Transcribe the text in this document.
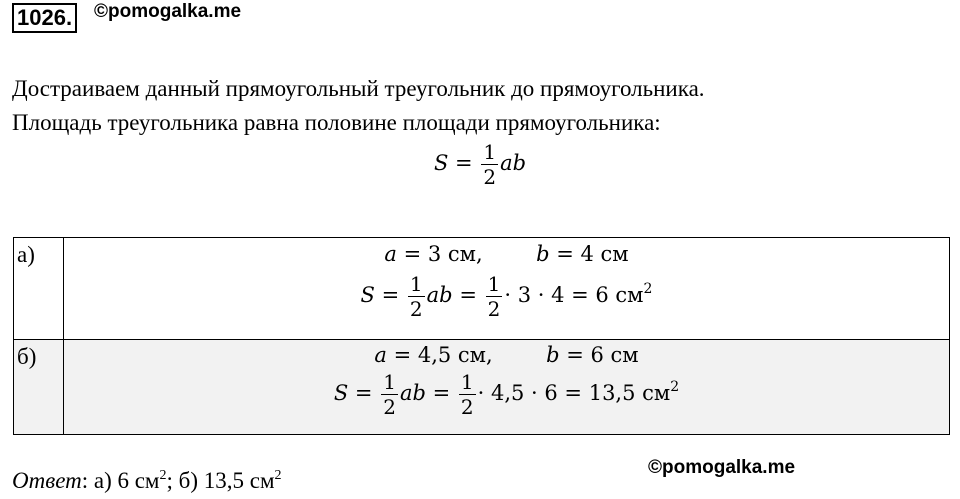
1026. ©pomogalka.me
Достраиваем данный прямоугольный треугольник до прямоугольника.
Площадь треугольника равна половине площади прямоугольника:
$S = \frac{1}{2}$ ab
а)	a = 3 см,	b = 4 см
$S = \frac{1}{2}$ ab = $\frac{1}{2} \cdot 3 \cdot 4 = 6$ $см^2$
б)	a = 4,5 см,	b = 6 см
$S = \frac{1}{2}$ ab = $\frac{1}{2} \cdot 4,5 \cdot 6 = 13,5$ $см^2$
Ответ: а) 6 $см^2$; б) 13,5 $см^2$	©pomogalka.me
